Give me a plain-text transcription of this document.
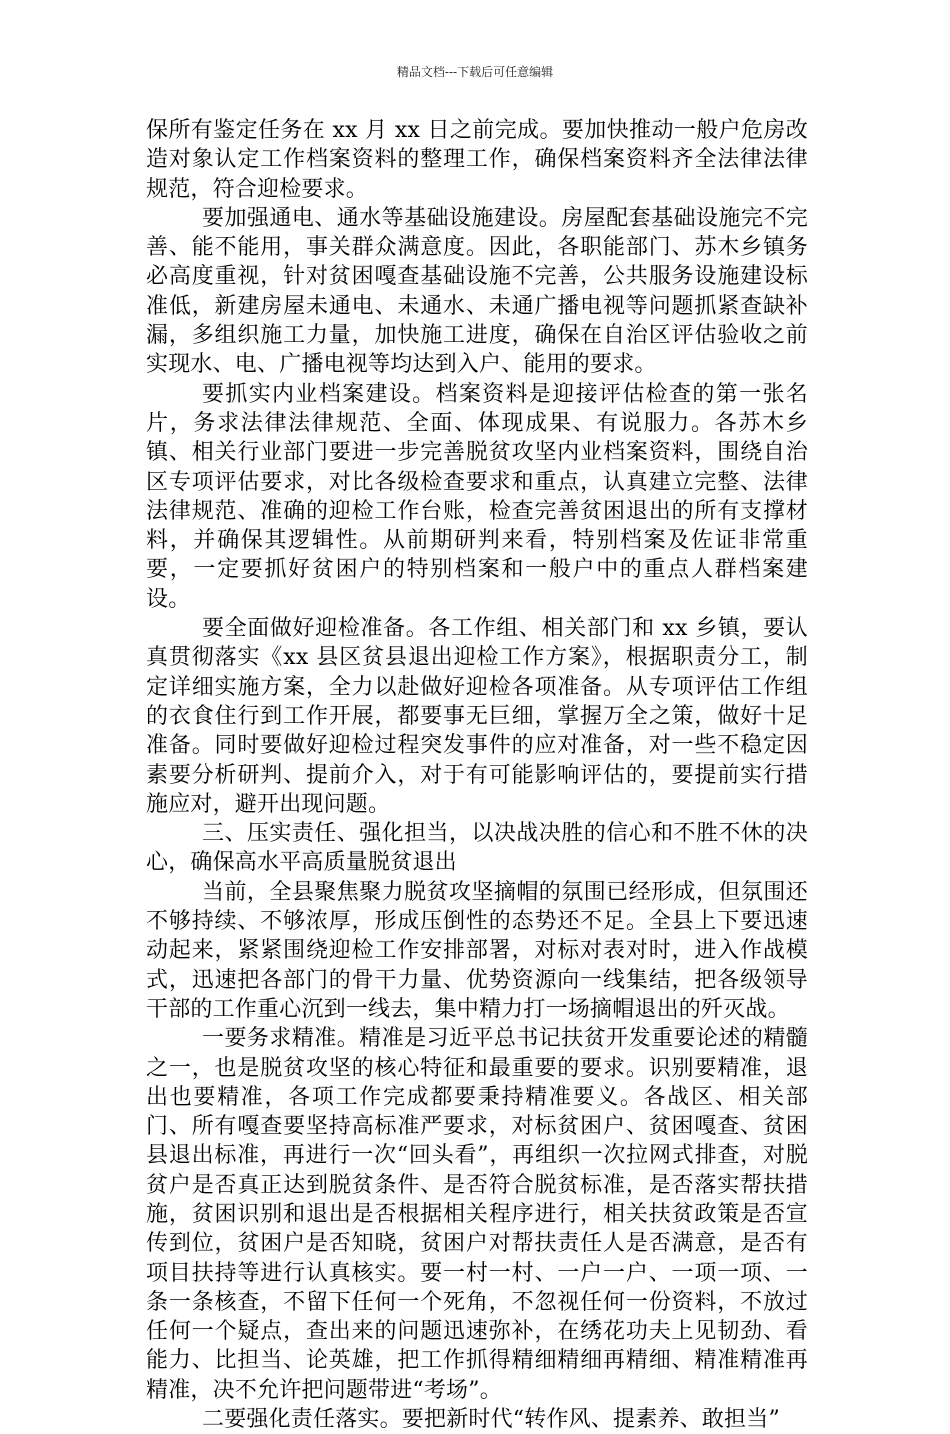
精品文档---下载后可任意编辑

保所有鉴定任务在 xx 月 xx 日之前完成。要加快推动一般户危房改造对象认定工作档案资料的整理工作，确保档案资料齐全法律法律规范，符合迎检要求。

要加强通电、通水等基础设施建设。房屋配套基础设施完不完善、能不能用，事关群众满意度。因此，各职能部门、苏木乡镇务必高度重视，针对贫困嘎查基础设施不完善，公共服务设施建设标准低，新建房屋未通电、未通水、未通广播电视等问题抓紧查缺补漏，多组织施工力量，加快施工进度，确保在自治区评估验收之前实现水、电、广播电视等均达到入户、能用的要求。

要抓实内业档案建设。档案资料是迎接评估检查的第一张名片，务求法律法律规范、全面、体现成果、有说服力。各苏木乡镇、相关行业部门要进一步完善脱贫攻坚内业档案资料，围绕自治区专项评估要求，对比各级检查要求和重点，认真建立完整、法律法律规范、准确的迎检工作台账，检查完善贫困退出的所有支撑材料，并确保其逻辑性。从前期研判来看，特别档案及佐证非常重要，一定要抓好贫困户的特别档案和一般户中的重点人群档案建设。

要全面做好迎检准备。各工作组、相关部门和 xx 乡镇，要认真贯彻落实《xx 县区贫县退出迎检工作方案》，根据职责分工，制定详细实施方案，全力以赴做好迎检各项准备。从专项评估工作组的衣食住行到工作开展，都要事无巨细，掌握万全之策，做好十足准备。同时要做好迎检过程突发事件的应对准备，对一些不稳定因素要分析研判、提前介入，对于有可能影响评估的，要提前实行措施应对，避开出现问题。

三、压实责任、强化担当，以决战决胜的信心和不胜不休的决心，确保高水平高质量脱贫退出

当前，全县聚焦聚力脱贫攻坚摘帽的氛围已经形成，但氛围还不够持续、不够浓厚，形成压倒性的态势还不足。全县上下要迅速动起来，紧紧围绕迎检工作安排部署，对标对表对时，进入作战模式，迅速把各部门的骨干力量、优势资源向一线集结，把各级领导干部的工作重心沉到一线去，集中精力打一场摘帽退出的歼灭战。

一要务求精准。精准是习近平总书记扶贫开发重要论述的精髓之一，也是脱贫攻坚的核心特征和最重要的要求。识别要精准，退出也要精准，各项工作完成都要秉持精准要义。各战区、相关部门、所有嘎查要坚持高标准严要求，对标贫困户、贫困嘎查、贫困县退出标准，再进行一次“回头看”，再组织一次拉网式排查，对脱贫户是否真正达到脱贫条件、是否符合脱贫标准，是否落实帮扶措施，贫困识别和退出是否根据相关程序进行，相关扶贫政策是否宣传到位，贫困户是否知晓，贫困户对帮扶责任人是否满意，是否有项目扶持等进行认真核实。要一村一村、一户一户、一项一项、一条一条核查，不留下任何一个死角，不忽视任何一份资料，不放过任何一个疑点，查出来的问题迅速弥补，在绣花功夫上见韧劲、看能力、比担当、论英雄，把工作抓得精细精细再精细、精准精准再精准，决不允许把问题带进“考场”。

二要强化责任落实。要把新时代“转作风、提素养、敢担当”
